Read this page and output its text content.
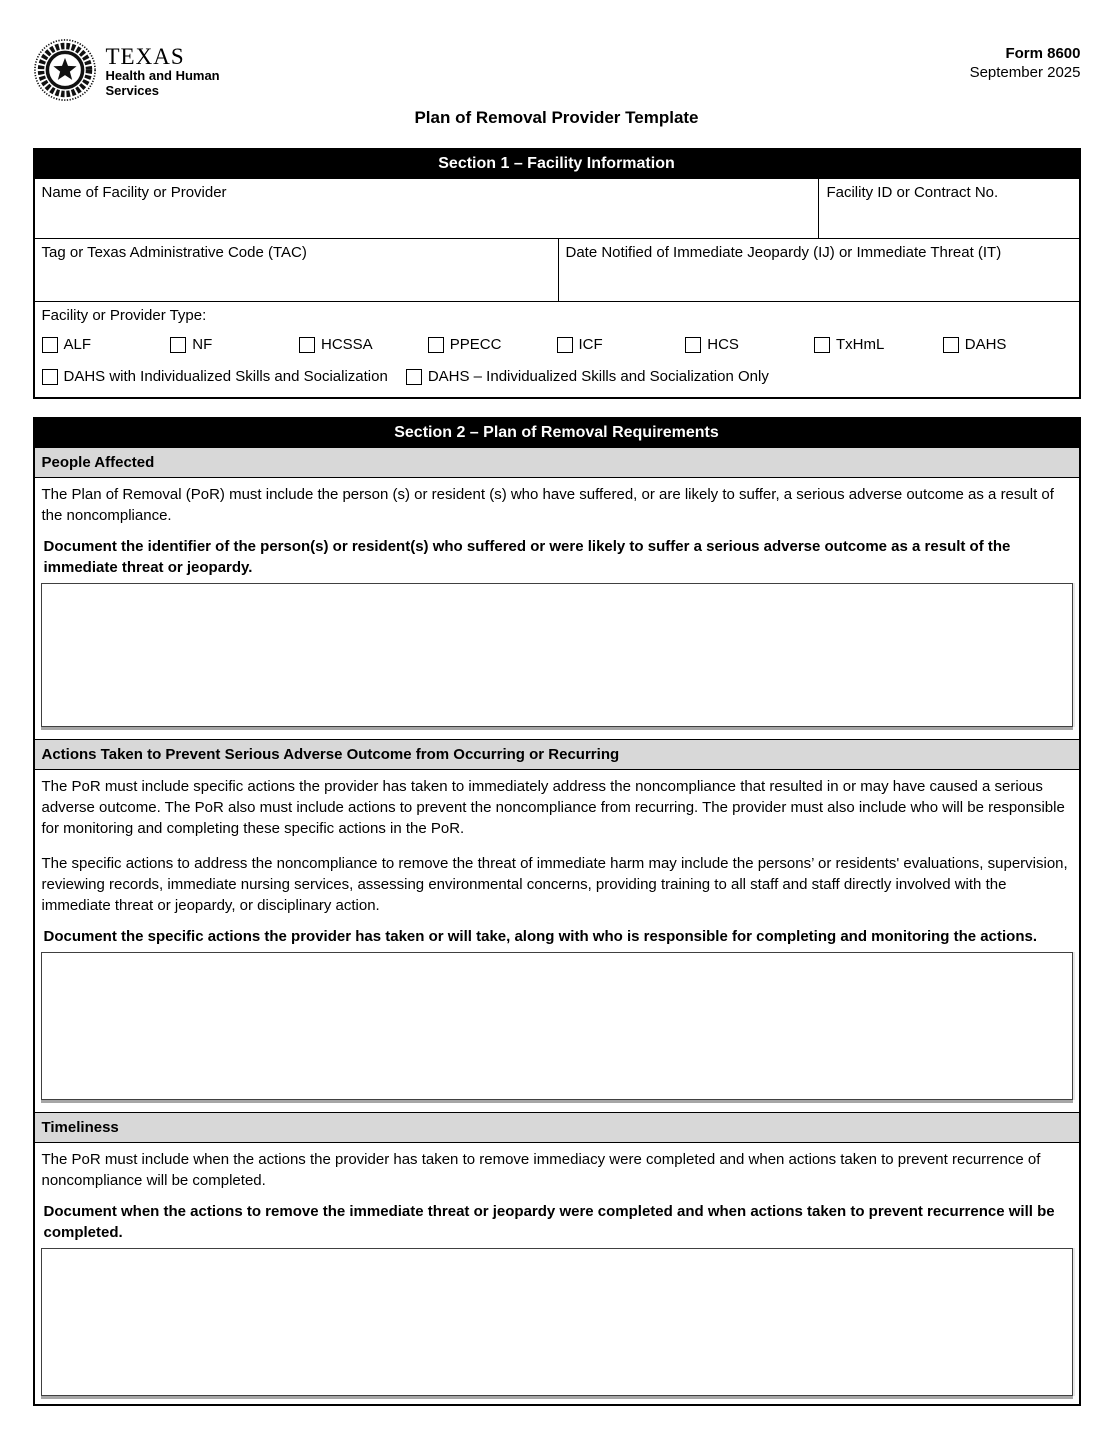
TEXAS
Health and Human
Services
Form 8600
September 2025
Plan of Removal Provider Template
Section 1 – Facility Information
Name of Facility or Provider	Facility ID or Contract No.
Tag or Texas Administrative Code (TAC)	Date Notified of Immediate Jeopardy (IJ) or Immediate Threat (IT)
Facility or Provider Type:
ALF	NF	HCSSA	PPECC	ICF	HCS	TxHmL	DAHS
DAHS with Individualized Skills and Socialization	DAHS – Individualized Skills and Socialization Only
Section 2 – Plan of Removal Requirements
People Affected

The Plan of Removal (PoR) must include the person (s) or resident (s) who have suffered, or are likely to suffer, a serious adverse outcome as a result of the noncompliance.

Document the identifier of the person(s) or resident(s) who suffered or were likely to suffer a serious adverse outcome as a result of the immediate threat or jeopardy.
Actions Taken to Prevent Serious Adverse Outcome from Occurring or Recurring

The PoR must include specific actions the provider has taken to immediately address the noncompliance that resulted in or may have caused a serious adverse outcome. The PoR also must include actions to prevent the noncompliance from recurring. The provider must also include who will be responsible for monitoring and completing these specific actions in the PoR.

The specific actions to address the noncompliance to remove the threat of immediate harm may include the persons’ or residents' evaluations, supervision, reviewing records, immediate nursing services, assessing environmental concerns, providing training to all staff and staff directly involved with the immediate threat or jeopardy, or disciplinary action.

Document the specific actions the provider has taken or will take, along with who is responsible for completing and monitoring the actions.
Timeliness

The PoR must include when the actions the provider has taken to remove immediacy were completed and when actions taken to prevent recurrence of noncompliance will be completed.

Document when the actions to remove the immediate threat or jeopardy were completed and when actions taken to prevent recurrence will be completed.
